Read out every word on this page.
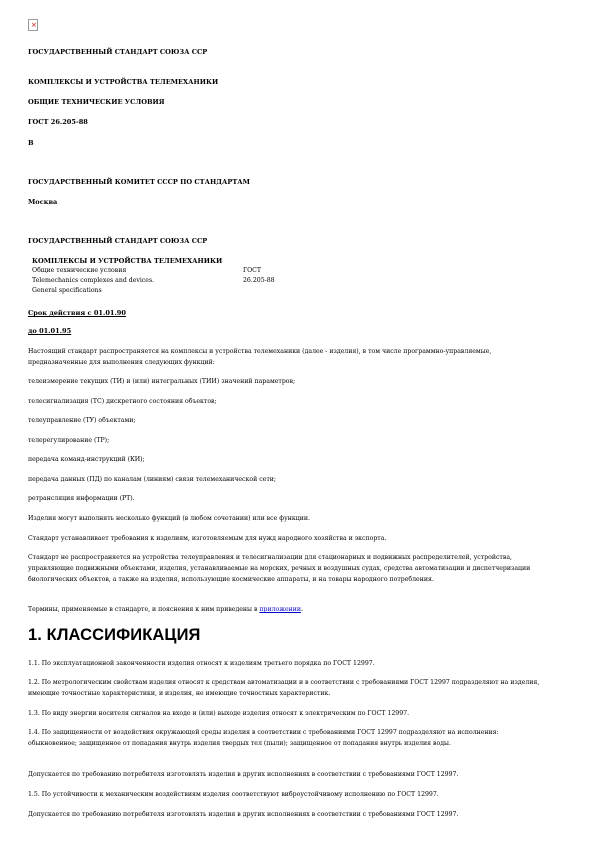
×
ГОСУДАРСТВЕННЫЙ СТАНДАРТ СОЮЗА ССР
КОМПЛЕКСЫ И УСТРОЙСТВА ТЕЛЕМЕХАНИКИ
ОБЩИЕ ТЕХНИЧЕСКИЕ УСЛОВИЯ
ГОСТ 26.205-88
В
ГОСУДАРСТВЕННЫЙ КОМИТЕТ СССР ПО СТАНДАРТАМ
Москва
ГОСУДАРСТВЕННЫЙ СТАНДАРТ СОЮЗА ССР
КОМПЛЕКСЫ И УСТРОЙСТВА ТЕЛЕМЕХАНИКИ
Общие технические условия	ГОСТ
Telemechanics complexes and devices.	26.205-88
General specifications
Срок действия с 01.01.90
до 01.01.95
Настоящий стандарт распространяется на комплексы и устройства телемеханики (далее - изделия), в том числе программно-управляемые, предназначенные для выполнения следующих функций:
телеизмерение текущих (ТИ) и (или) интегральных (ТИИ) значений параметров;
телесигнализация (ТС) дискретного состояния объектов;
телеуправление (ТУ) объектами;
телерегулирование (ТР);
передача команд-инструкций (КИ);
передача данных (ПД) по каналам (линиям) связи телемеханической сети;
ретрансляция информации (РТ).
Изделия могут выполнять несколько функций (в любом сочетании) или все функции.
Стандарт устанавливает требования к изделиям, изготовляемым для нужд народного хозяйства и экспорта.
Стандарт не распространяется на устройства телеуправления и телесигнализации для стационарных и подвижных распределителей, устройства, управляющие подвижными объектами, изделия, устанавливаемые на морских, речных и воздушных судах, средства автоматизации и диспетчеризации биологических объектов, а также на изделия, использующие космические аппараты, и на товары народного потребления.
Термины, применяемые в стандарте, и пояснения к ним приведены в приложении.
1. КЛАССИФИКАЦИЯ
1.1. По эксплуатационной законченности изделия относят к изделиям третьего порядка по ГОСТ 12997.
1.2. По метрологическим свойствам изделия относят к средствам автоматизации и в соответствии с требованиями ГОСТ 12997 подразделяют на изделия, имеющие точностные характеристики, и изделия, не имеющие точностных характеристик.
1.3. По виду энергии носителя сигналов на входе и (или) выходе изделия относят к электрическим по ГОСТ 12997.
1.4. По защищенности от воздействия окружающей среды изделия в соответствии с требованиями ГОСТ 12997 подразделяют на исполнения: обыкновенное; защищенное от попадания внутрь изделия твердых тел (пыли); защищенное от попадания внутрь изделия воды.
Допускается по требованию потребителя изготовлять изделия в других исполнениях в соответствии с требованиями ГОСТ 12997.
1.5. По устойчивости к механическим воздействиям изделия соответствуют виброустойчивому исполнению по ГОСТ 12997.
Допускается по требованию потребителя изготовлять изделия в других исполнениях в соответствии с требованиями ГОСТ 12997.
